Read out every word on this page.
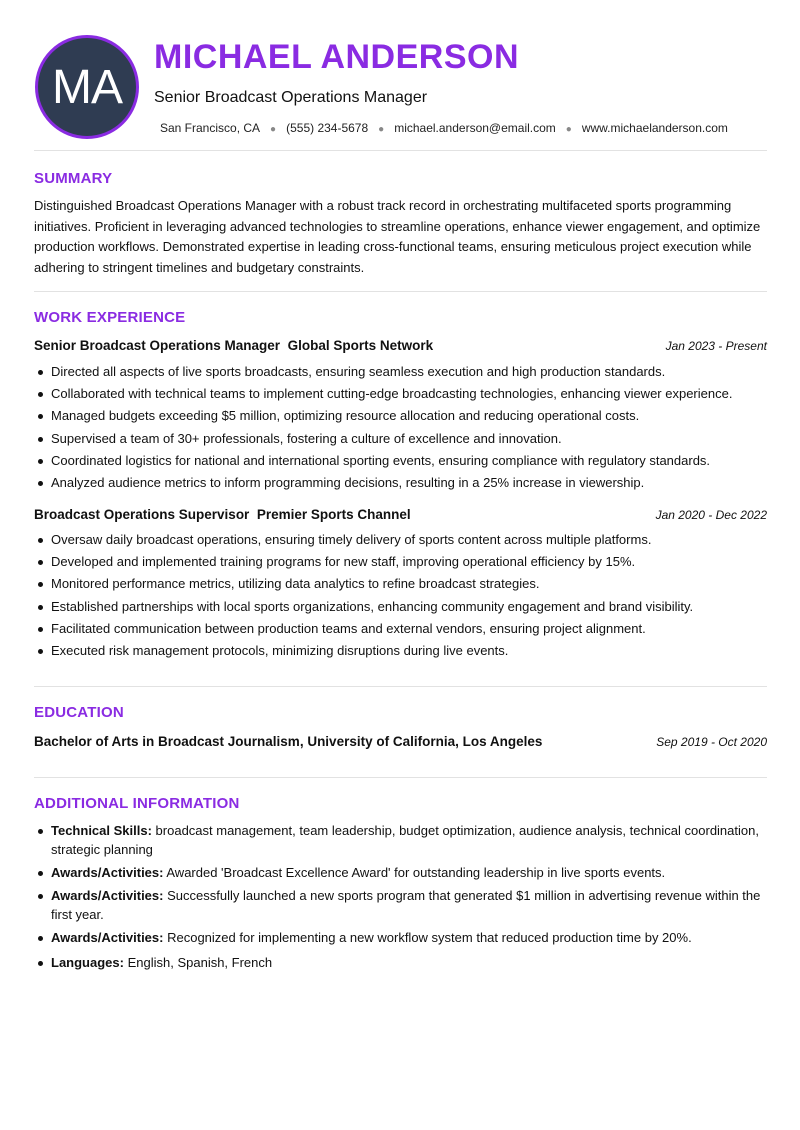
MA
MICHAEL ANDERSON
Senior Broadcast Operations Manager
San Francisco, CA ● (555) 234-5678 ● michael.anderson@email.com ● www.michaelanderson.com
SUMMARY
Distinguished Broadcast Operations Manager with a robust track record in orchestrating multifaceted sports programming initiatives. Proficient in leveraging advanced technologies to streamline operations, enhance viewer engagement, and optimize production workflows. Demonstrated expertise in leading cross-functional teams, ensuring meticulous project execution while adhering to stringent timelines and budgetary constraints.
WORK EXPERIENCE
Senior Broadcast Operations Manager Global Sports Network	Jan 2023 - Present
Directed all aspects of live sports broadcasts, ensuring seamless execution and high production standards.
Collaborated with technical teams to implement cutting-edge broadcasting technologies, enhancing viewer experience.
Managed budgets exceeding $5 million, optimizing resource allocation and reducing operational costs.
Supervised a team of 30+ professionals, fostering a culture of excellence and innovation.
Coordinated logistics for national and international sporting events, ensuring compliance with regulatory standards.
Analyzed audience metrics to inform programming decisions, resulting in a 25% increase in viewership.
Broadcast Operations Supervisor Premier Sports Channel	Jan 2020 - Dec 2022
Oversaw daily broadcast operations, ensuring timely delivery of sports content across multiple platforms.
Developed and implemented training programs for new staff, improving operational efficiency by 15%.
Monitored performance metrics, utilizing data analytics to refine broadcast strategies.
Established partnerships with local sports organizations, enhancing community engagement and brand visibility.
Facilitated communication between production teams and external vendors, ensuring project alignment.
Executed risk management protocols, minimizing disruptions during live events.
EDUCATION
Bachelor of Arts in Broadcast Journalism, University of California, Los Angeles	Sep 2019 - Oct 2020
ADDITIONAL INFORMATION
Technical Skills: broadcast management, team leadership, budget optimization, audience analysis, technical coordination, strategic planning
Awards/Activities: Awarded 'Broadcast Excellence Award' for outstanding leadership in live sports events.
Awards/Activities: Successfully launched a new sports program that generated $1 million in advertising revenue within the first year.
Awards/Activities: Recognized for implementing a new workflow system that reduced production time by 20%.
Languages: English, Spanish, French
